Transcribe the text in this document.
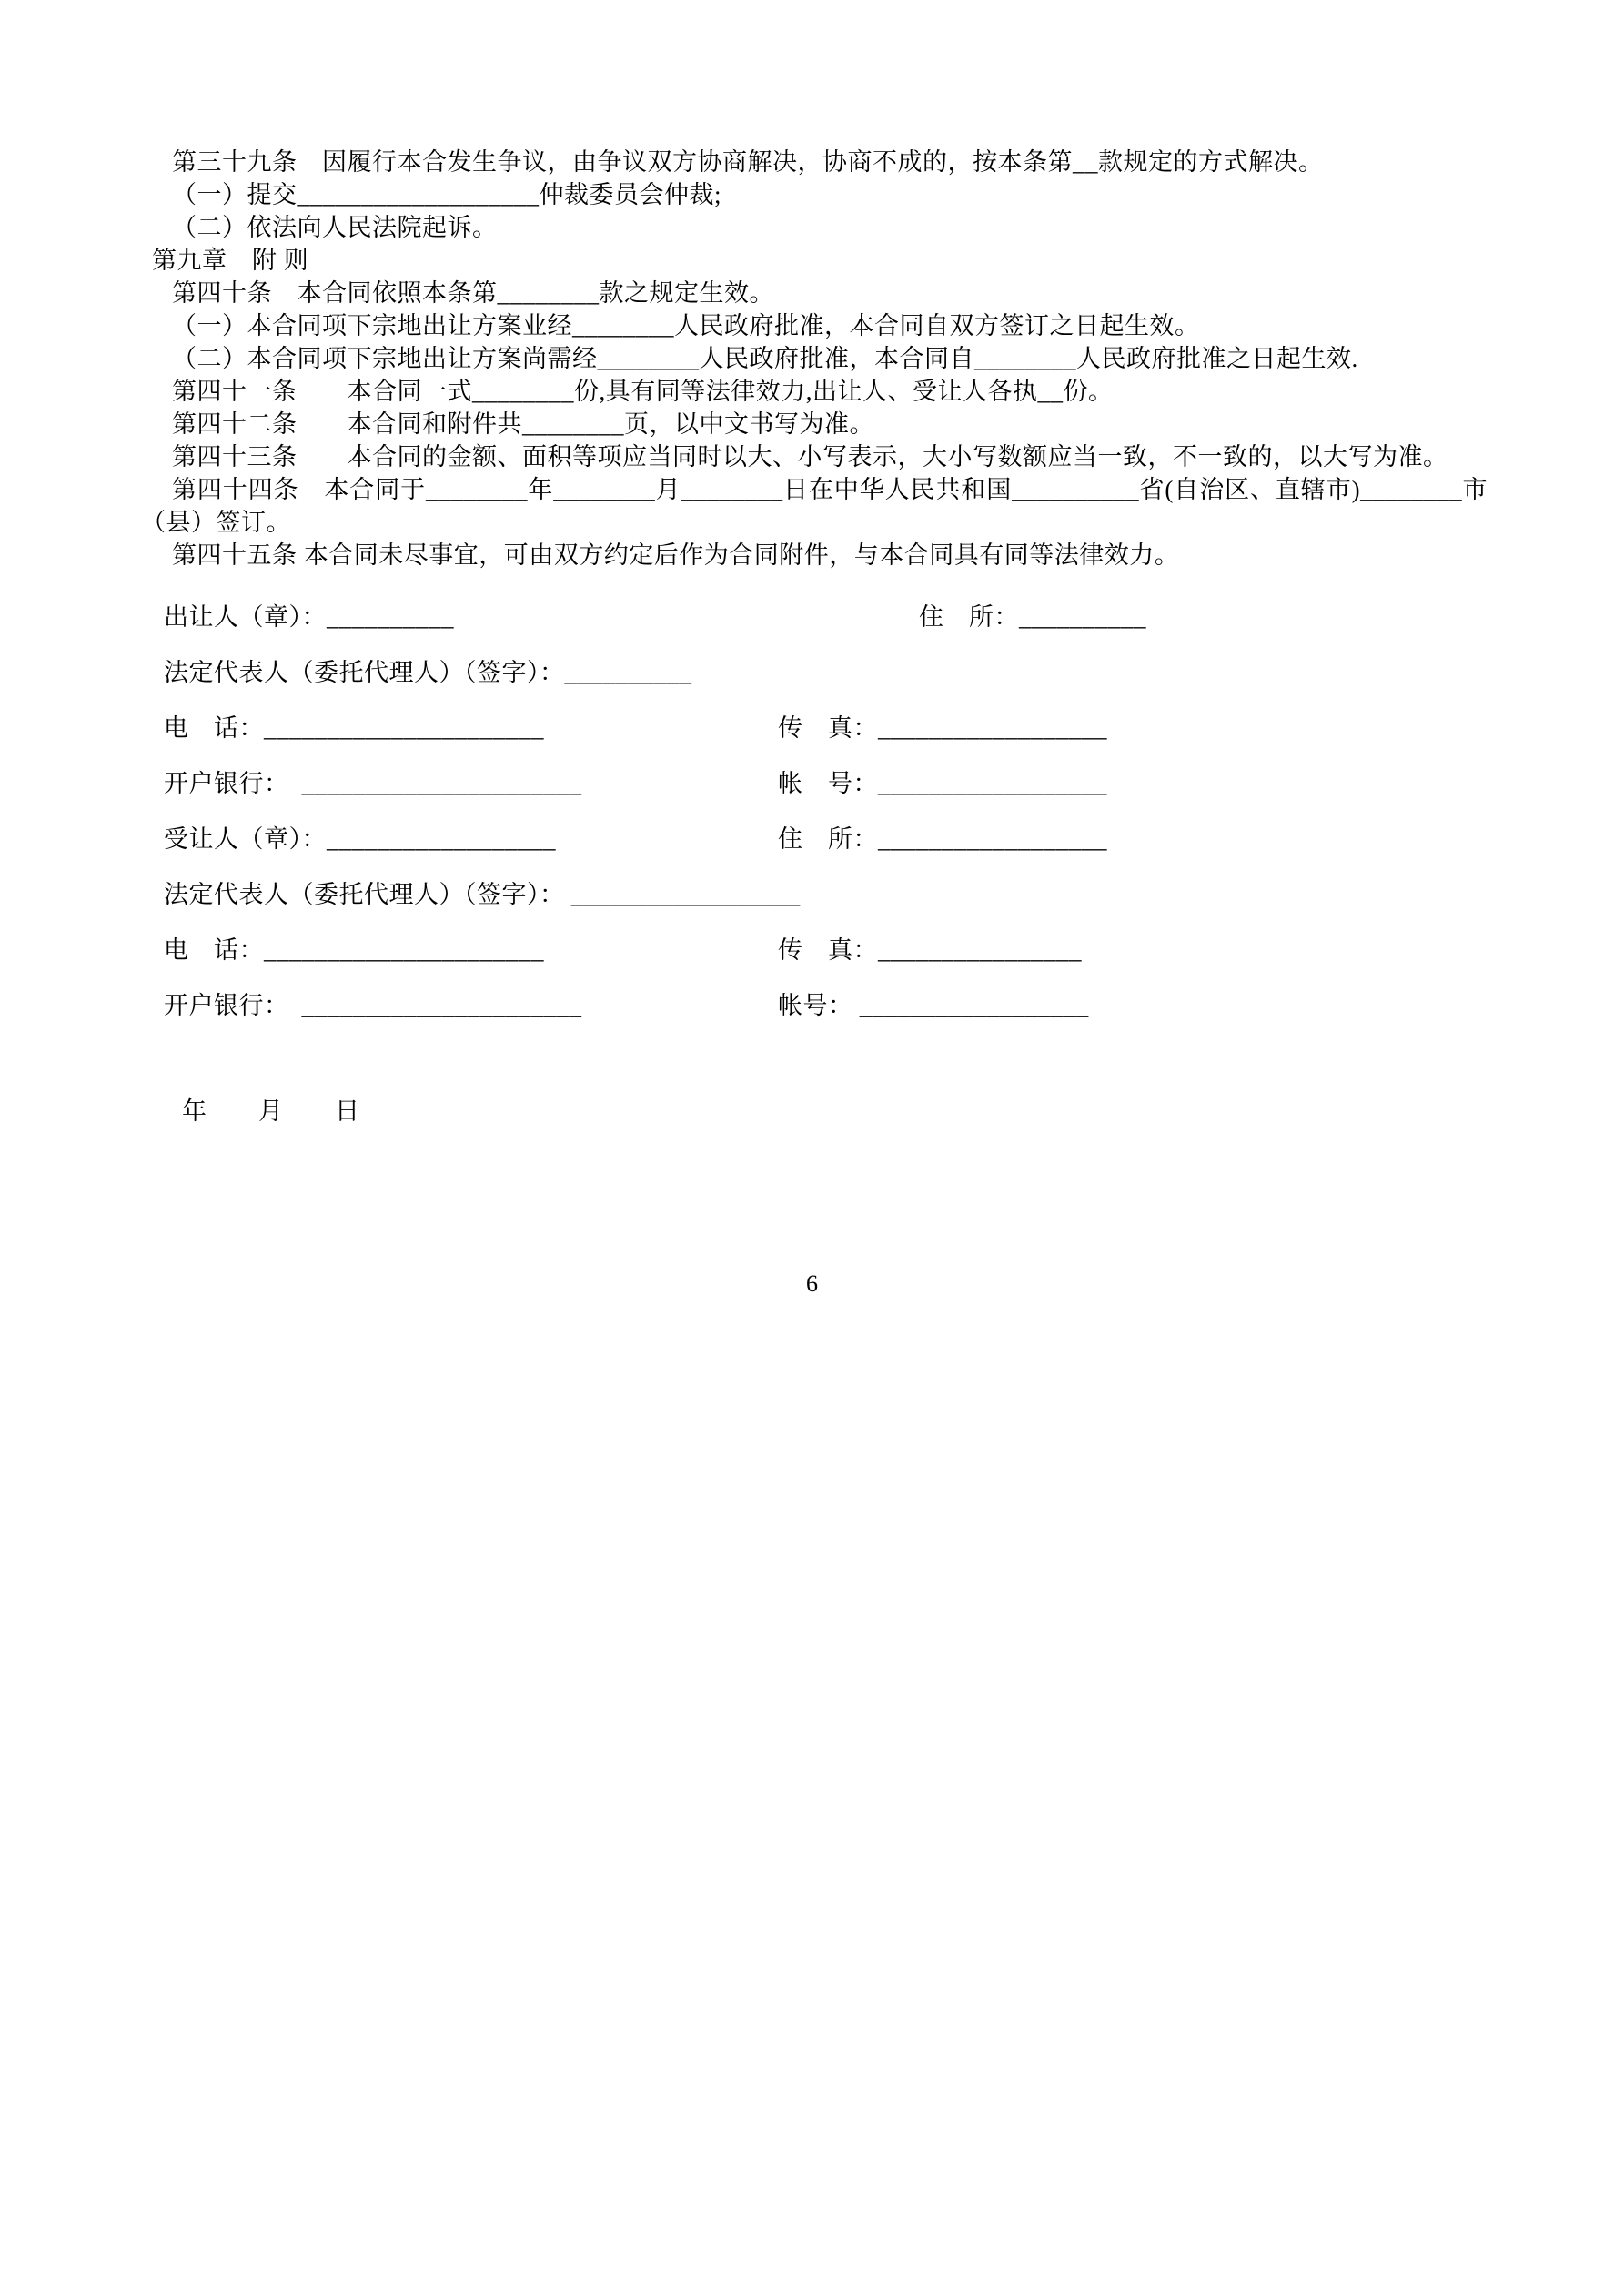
第三十九条　因履行本合发生争议，由争议双方协商解决，协商不成的，按本条第__款规定的方式解决。

（一）提交___________________仲裁委员会仲裁;

（二）依法向人民法院起诉。

第九章　附 则

第四十条　本合同依照本条第________款之规定生效。

（一）本合同项下宗地出让方案业经________人民政府批准，本合同自双方签订之日起生效。

（二）本合同项下宗地出让方案尚需经________人民政府批准，本合同自________人民政府批准之日起生效.

第四十一条　　本合同一式________份,具有同等法律效力,出让人、受让人各执__份。

第四十二条　　本合同和附件共________页，以中文书写为准。

第四十三条　　本合同的金额、面积等项应当同时以大、小写表示，大小写数额应当一致，不一致的，以大写为准。

第四十四条　本合同于________年________月________日在中华人民共和国__________省(自治区、直辖市)________市（县）签订。

第四十五条 本合同未尽事宜，可由双方约定后作为合同附件，与本合同具有同等法律效力。

出让人（章）：__________	住　所：__________
法定代表人（委托代理人）（签字）：__________
电　话：______________________	传　真：__________________
开户银行：　______________________	帐　号：__________________
受让人（章）：__________________	住　所：__________________
法定代表人（委托代理人）（签字）： __________________
电　话：______________________	传　真：________________
开户银行：　______________________	帐号： __________________

年　　月　　日

6
